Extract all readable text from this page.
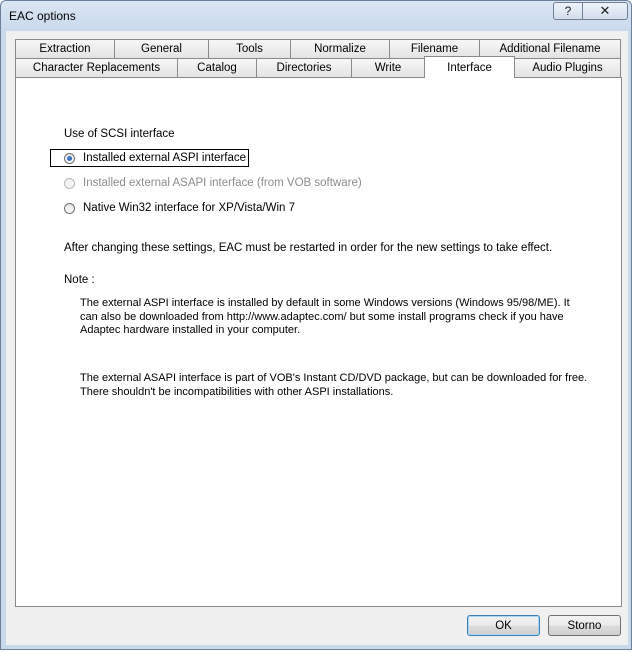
EAC options	?	✕
Extraction	General	Tools	Normalize	Filename	Additional Filename
Character Replacements	Catalog	Directories	Write	Interface	Audio Plugins
Use of SCSI interface
Installed external ASPI interface
Installed external ASAPI interface (from VOB software)
Native Win32 interface for XP/Vista/Win 7
After changing these settings, EAC must be restarted in order for the new settings to take effect.
Note :
The external ASPI interface is installed by default in some Windows versions (Windows 95/98/ME). It
can also be downloaded from http://www.adaptec.com/ but some install programs check if you have
Adaptec hardware installed in your computer.
The external ASAPI interface is part of VOB's Instant CD/DVD package, but can be downloaded for free.
There shouldn't be incompatibilities with other ASPI installations.
OK	Storno
